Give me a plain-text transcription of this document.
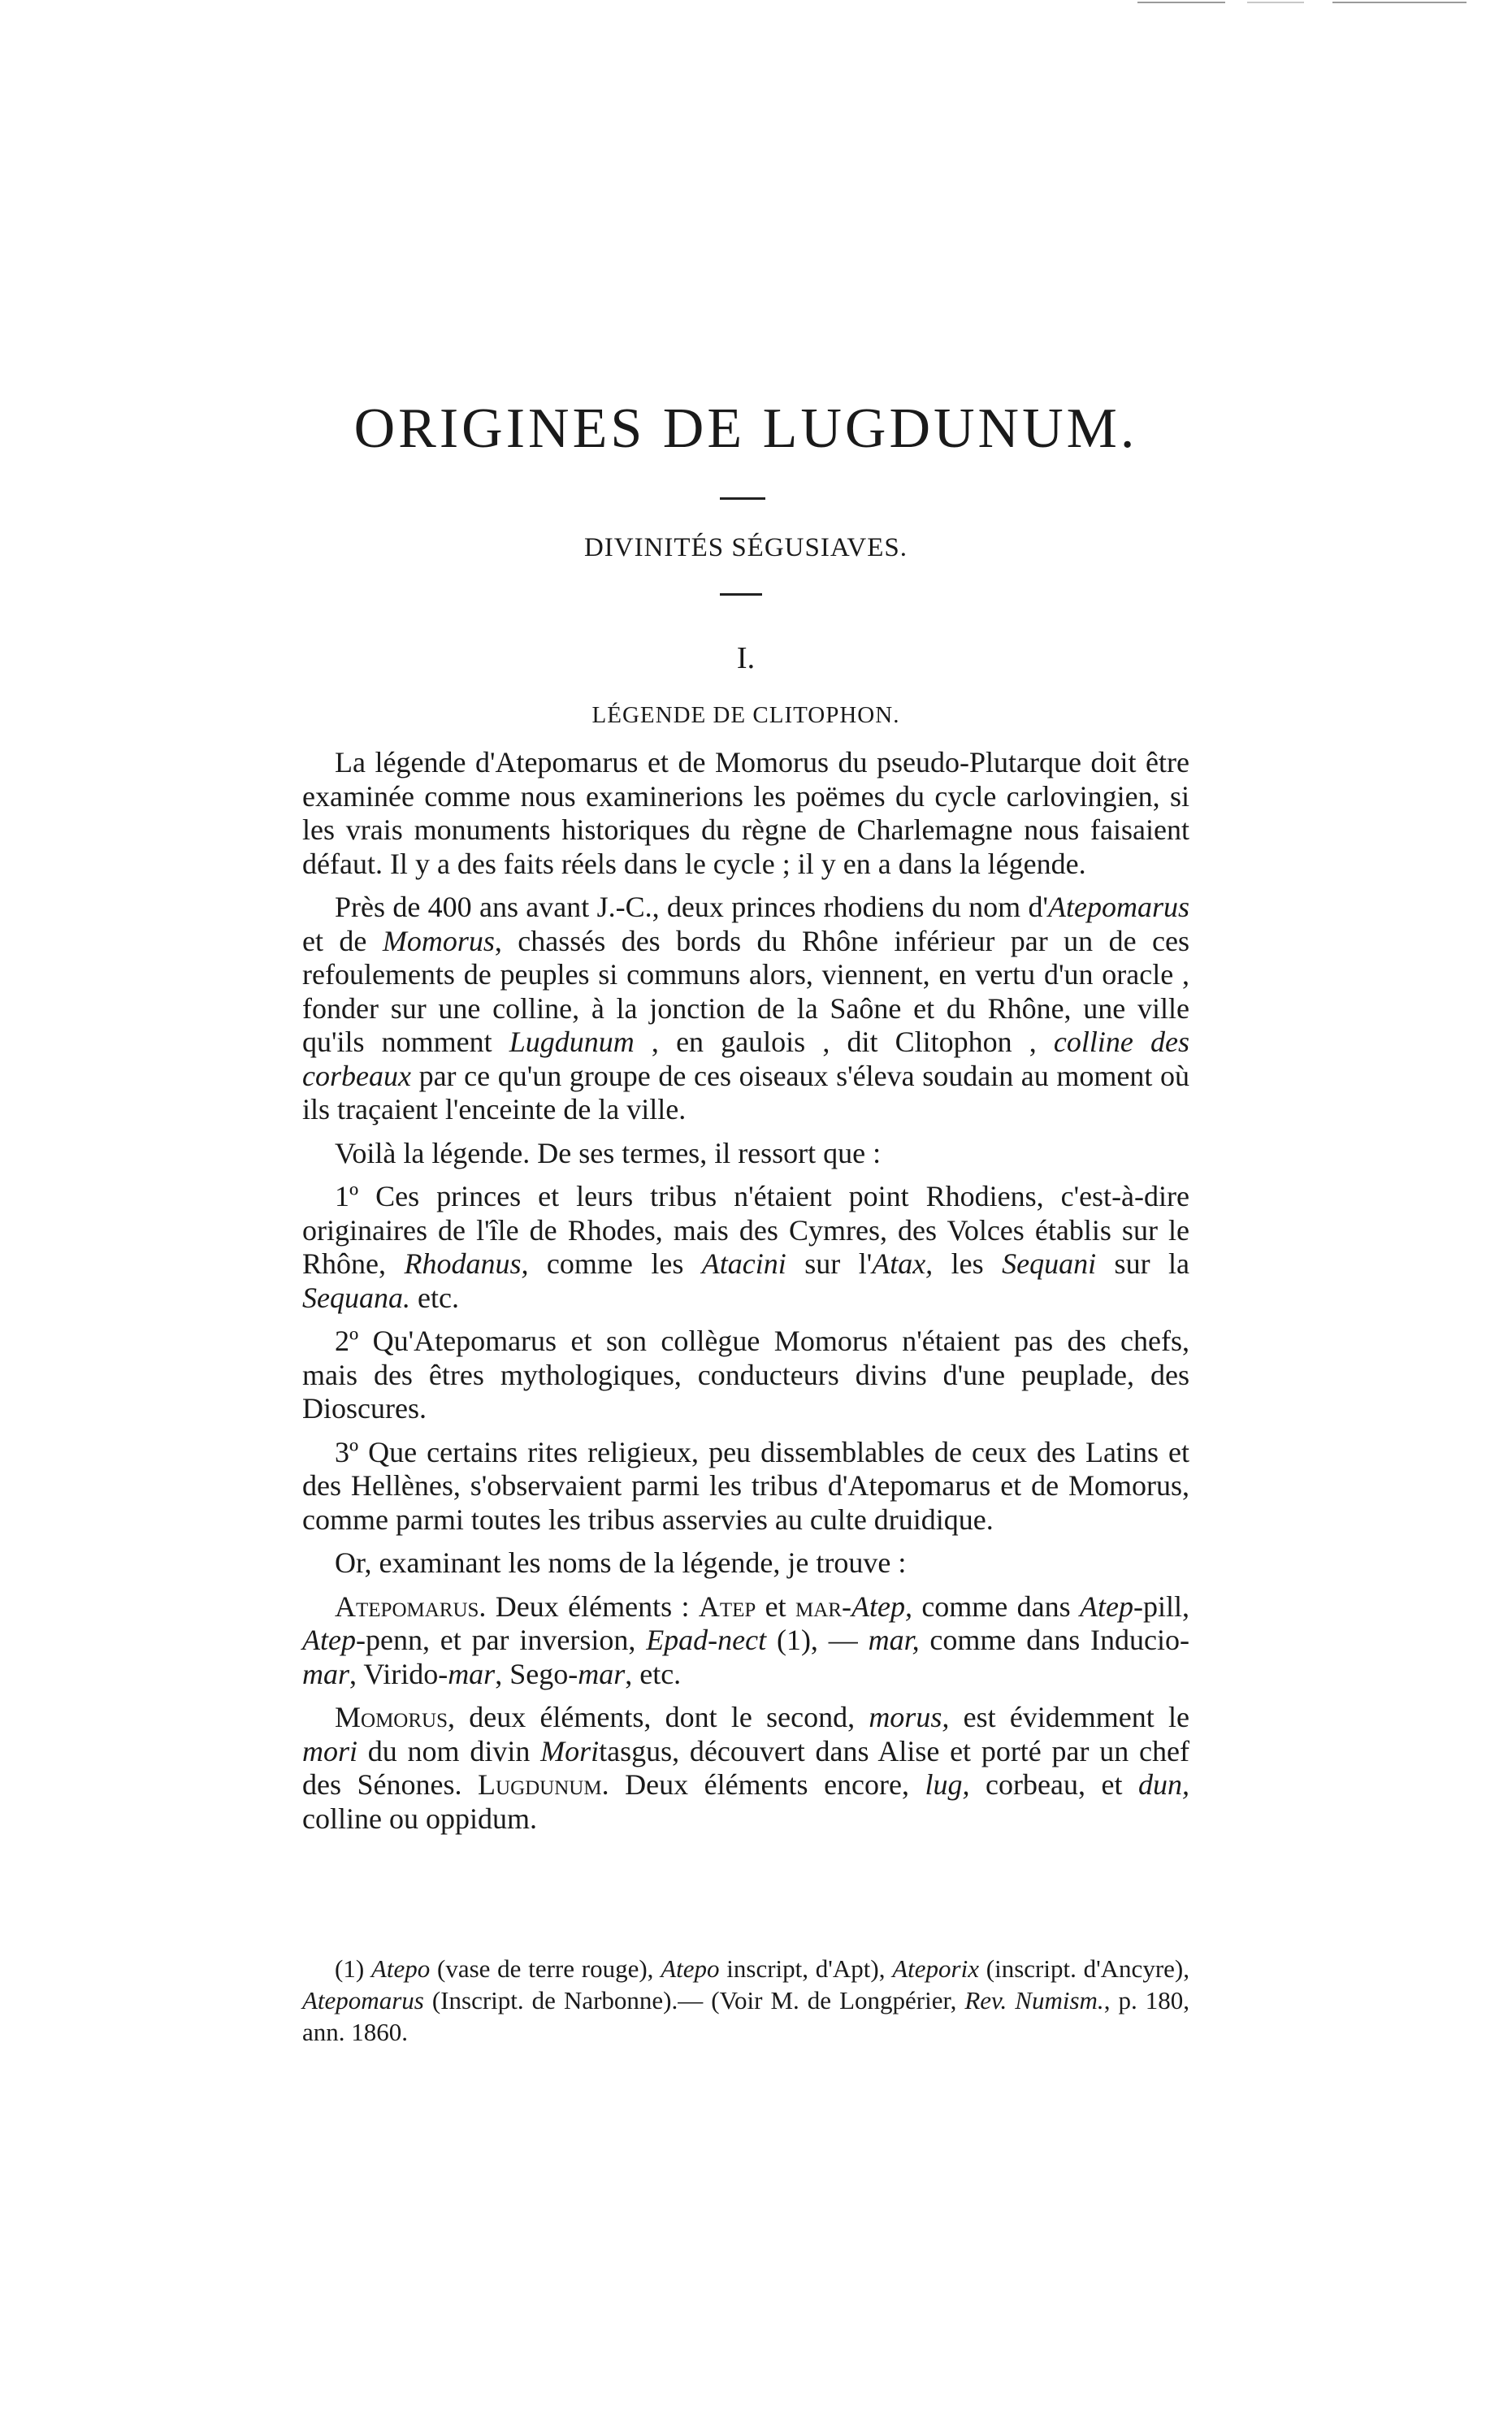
ORIGINES DE LUGDUNUM.
DIVINITÉS SÉGUSIAVES.
I.
LÉGENDE DE CLITOPHON.

La légende d'Atepomarus et de Momorus du pseudo-Plutarque doit être examinée comme nous examinerions les poëmes du cycle carlovingien, si les vrais monuments historiques du règne de Charlemagne nous faisaient défaut. Il y a des faits réels dans le cycle ; il y en a dans la légende.

Près de 400 ans avant J.-C., deux princes rhodiens du nom d'Atepomarus et de Momorus, chassés des bords du Rhône inférieur par un de ces refoulements de peuples si communs alors, viennent, en vertu d'un oracle , fonder sur une colline, à la jonction de la Saône et du Rhône, une ville qu'ils nomment Lugdunum , en gaulois , dit Clitophon , colline des corbeaux par ce qu'un groupe de ces oiseaux s'éleva soudain au moment où ils traçaient l'enceinte de la ville.

Voilà la légende. De ses termes, il ressort que :

1º Ces princes et leurs tribus n'étaient point Rhodiens, c'est-à-dire originaires de l'île de Rhodes, mais des Cymres, des Volces établis sur le Rhône, Rhodanus, comme les Atacini sur l'Atax, les Sequani sur la Sequana. etc.

2º Qu'Atepomarus et son collègue Momorus n'étaient pas des chefs, mais des êtres mythologiques, conducteurs divins d'une peuplade, des Dioscures.

3º Que certains rites religieux, peu dissemblables de ceux des Latins et des Hellènes, s'observaient parmi les tribus d'Atepomarus et de Momorus, comme parmi toutes les tribus asservies au culte druidique.

Or, examinant les noms de la légende, je trouve :

Atepomarus. Deux éléments : Atep et mar-Atep, comme dans Atep-pill, Atep-penn, et par inversion, Epad-nect (1), — mar, comme dans Inducio-mar, Virido-mar, Sego-mar, etc.

Momorus, deux éléments, dont le second, morus, est évidemment le mori du nom divin Moritasgus, découvert dans Alise et porté par un chef des Sénones. Lugdunum. Deux éléments encore, lug, corbeau, et dun, colline ou oppidum.

(1) Atepo (vase de terre rouge), Atepo inscript, d'Apt), Ateporix (inscript. d'Ancyre), Atepomarus (Inscript. de Narbonne).— (Voir M. de Longpérier, Rev. Numism., p. 180, ann. 1860.
